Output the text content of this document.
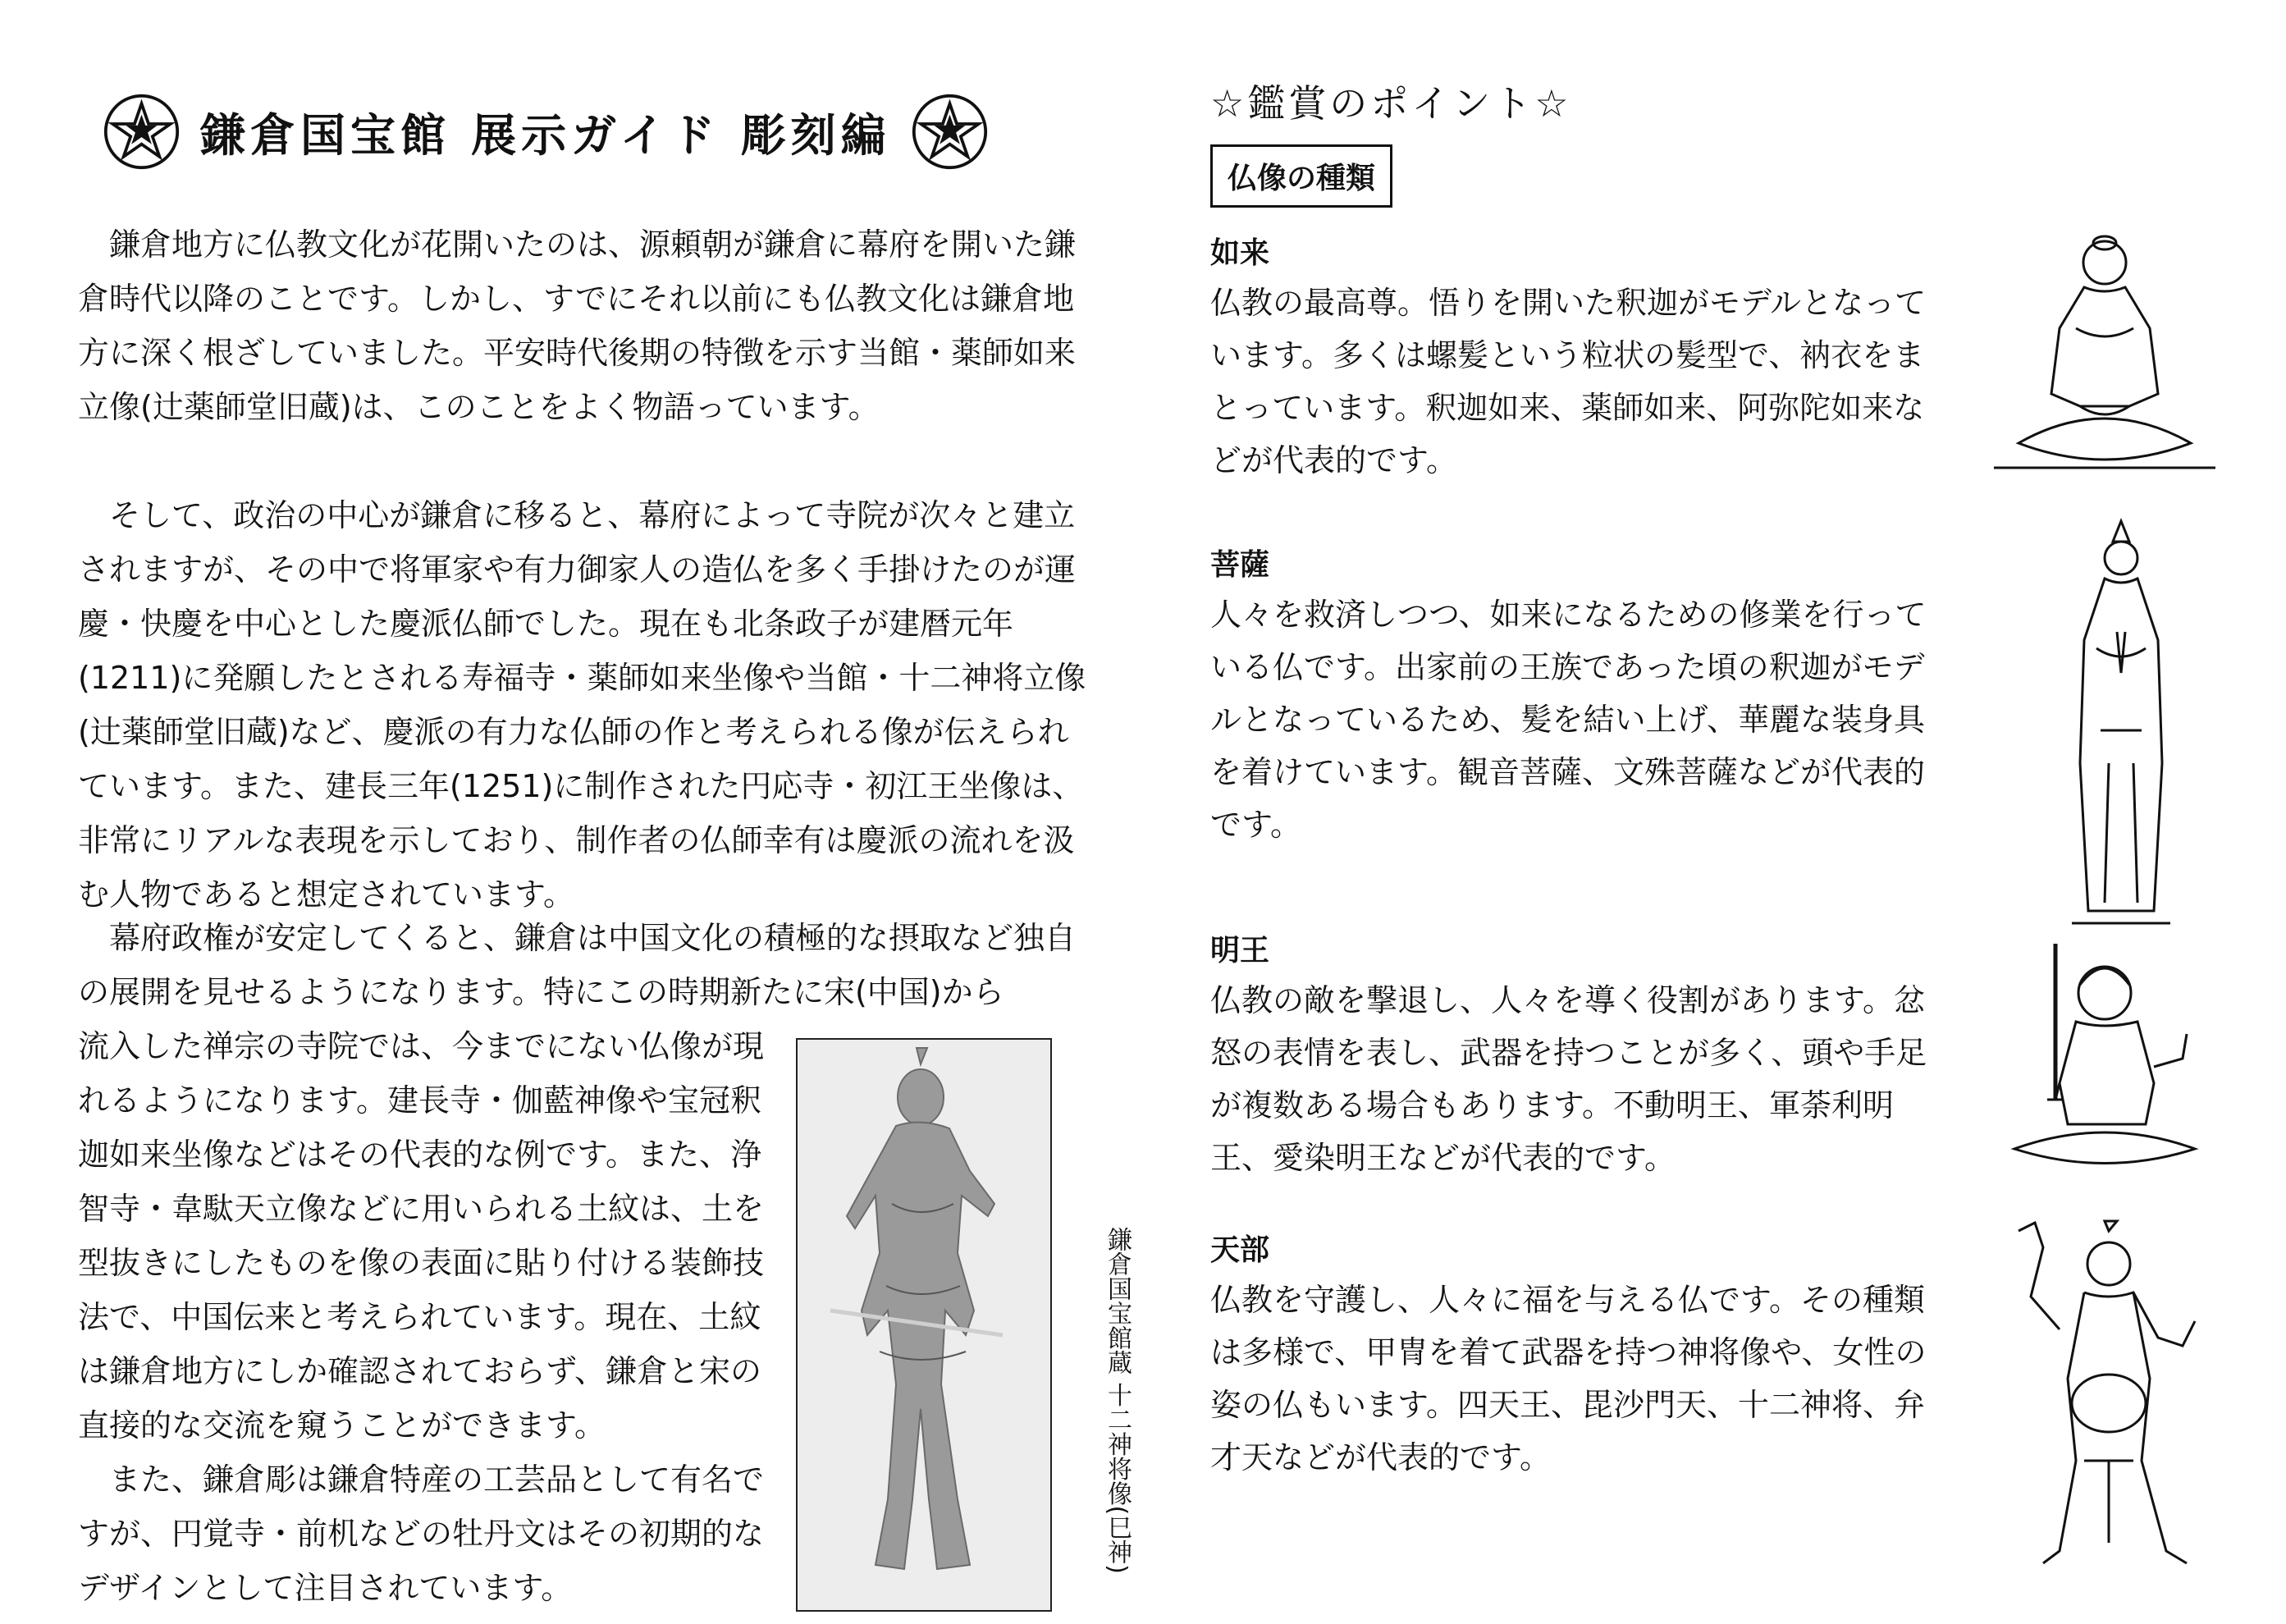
鎌倉国宝館 展示ガイド 彫刻編

鎌倉地方に仏教文化が花開いたのは、源頼朝が鎌倉に幕府を開いた鎌倉時代以降のことです。しかし、すでにそれ以前にも仏教文化は鎌倉地方に深く根ざしていました。平安時代後期の特徴を示す当館・薬師如来立像(辻薬師堂旧蔵)は、このことをよく物語っています。

そして、政治の中心が鎌倉に移ると、幕府によって寺院が次々と建立されますが、その中で将軍家や有力御家人の造仏を多く手掛けたのが運慶・快慶を中心とした慶派仏師でした。現在も北条政子が建暦元年(1211)に発願したとされる寿福寺・薬師如来坐像や当館・十二神将立像(辻薬師堂旧蔵)など、慶派の有力な仏師の作と考えられる像が伝えられています。また、建長三年(1251)に制作された円応寺・初江王坐像は、非常にリアルな表現を示しており、制作者の仏師幸有は慶派の流れを汲む人物であると想定されています。

幕府政権が安定してくると、鎌倉は中国文化の積極的な摂取など独自の展開を見せるようになります。特にこの時期新たに宋(中国)から

流入した禅宗の寺院では、今までにない仏像が現れるようになります。建長寺・伽藍神像や宝冠釈迦如来坐像などはその代表的な例です。また、浄智寺・韋駄天立像などに用いられる土紋は、土を型抜きにしたものを像の表面に貼り付ける装飾技法で、中国伝来と考えられています。現在、土紋は鎌倉地方にしか確認されておらず、鎌倉と宋の直接的な交流を窺うことができます。

また、鎌倉彫は鎌倉特産の工芸品として有名ですが、円覚寺・前机などの牡丹文はその初期的なデザインとして注目されています。

鎌倉国宝館蔵 十二神将像(巳神)
☆鑑賞のポイント☆
仏像の種類

如来

仏教の最高尊。悟りを開いた釈迦がモデルとなっています。多くは螺髪という粒状の髪型で、衲衣をまとっています。釈迦如来、薬師如来、阿弥陀如来などが代表的です。

菩薩

人々を救済しつつ、如来になるための修業を行っている仏です。出家前の王族であった頃の釈迦がモデルとなっているため、髪を結い上げ、華麗な装身具を着けています。観音菩薩、文殊菩薩などが代表的です。

明王

仏教の敵を撃退し、人々を導く役割があります。忿怒の表情を表し、武器を持つことが多く、頭や手足が複数ある場合もあります。不動明王、軍荼利明王、愛染明王などが代表的です。

天部

仏教を守護し、人々に福を与える仏です。その種類は多様で、甲冑を着て武器を持つ神将像や、女性の姿の仏もいます。四天王、毘沙門天、十二神将、弁才天などが代表的です。
